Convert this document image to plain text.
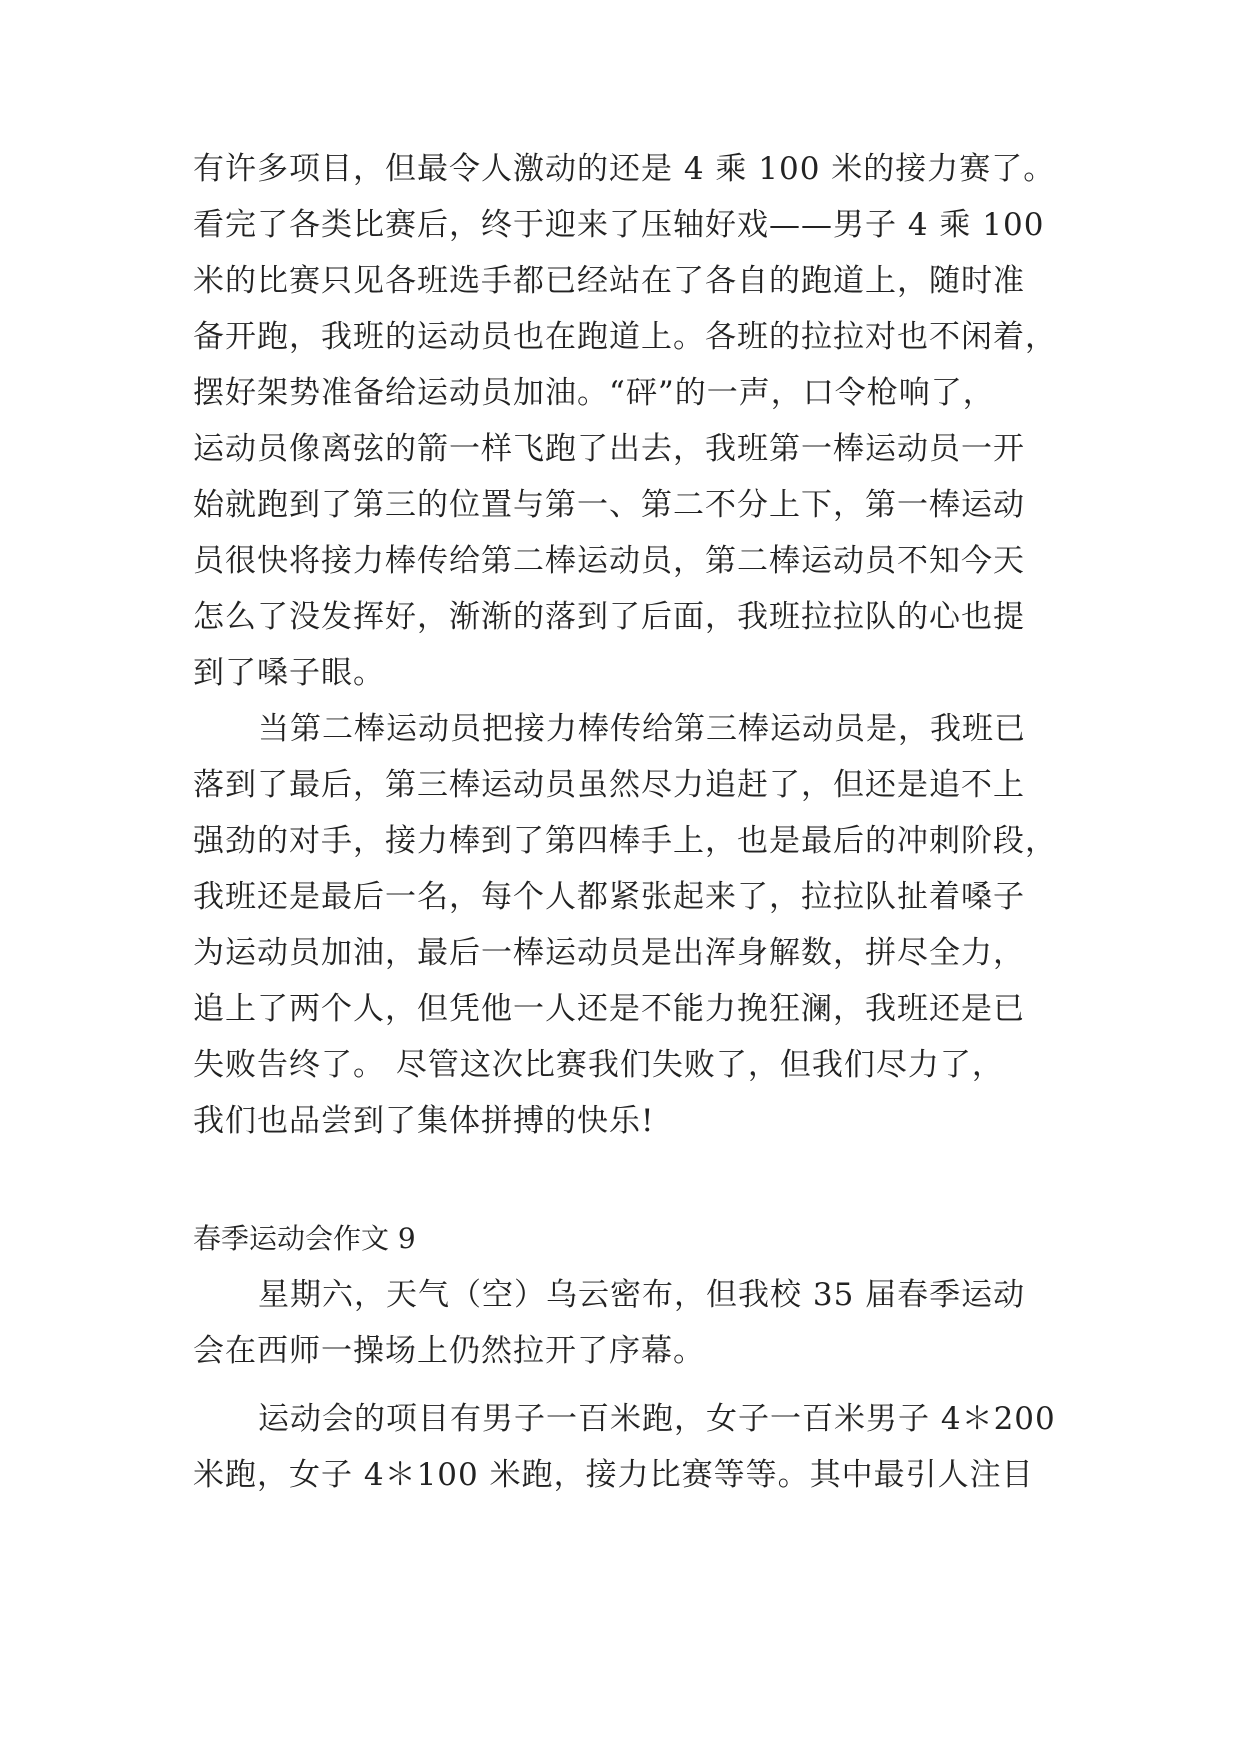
有许多项目，但最令人激动的还是 4 乘 100 米的接力赛了。
看完了各类比赛后，终于迎来了压轴好戏——男子 4 乘 100
米的比赛只见各班选手都已经站在了各自的跑道上，随时准
备开跑，我班的运动员也在跑道上。各班的拉拉对也不闲着，
摆好架势准备给运动员加油。“砰”的一声，口令枪响了，
运动员像离弦的箭一样飞跑了出去，我班第一棒运动员一开
始就跑到了第三的位置与第一、第二不分上下，第一棒运动
员很快将接力棒传给第二棒运动员，第二棒运动员不知今天
怎么了没发挥好，渐渐的落到了后面，我班拉拉队的心也提
到了嗓子眼。
当第二棒运动员把接力棒传给第三棒运动员是，我班已
落到了最后，第三棒运动员虽然尽力追赶了，但还是追不上
强劲的对手，接力棒到了第四棒手上，也是最后的冲刺阶段，
我班还是最后一名，每个人都紧张起来了，拉拉队扯着嗓子
为运动员加油，最后一棒运动员是出浑身解数，拼尽全力，
追上了两个人，但凭他一人还是不能力挽狂澜，我班还是已
失败告终了。 尽管这次比赛我们失败了，但我们尽力了，
我们也品尝到了集体拼搏的快乐!
春季运动会作文 9
星期六，天气（空）乌云密布，但我校 35 届春季运动
会在西师一操场上仍然拉开了序幕。
运动会的项目有男子一百米跑，女子一百米男子 4＊200
米跑，女子 4＊100 米跑，接力比赛等等。其中最引人注目
